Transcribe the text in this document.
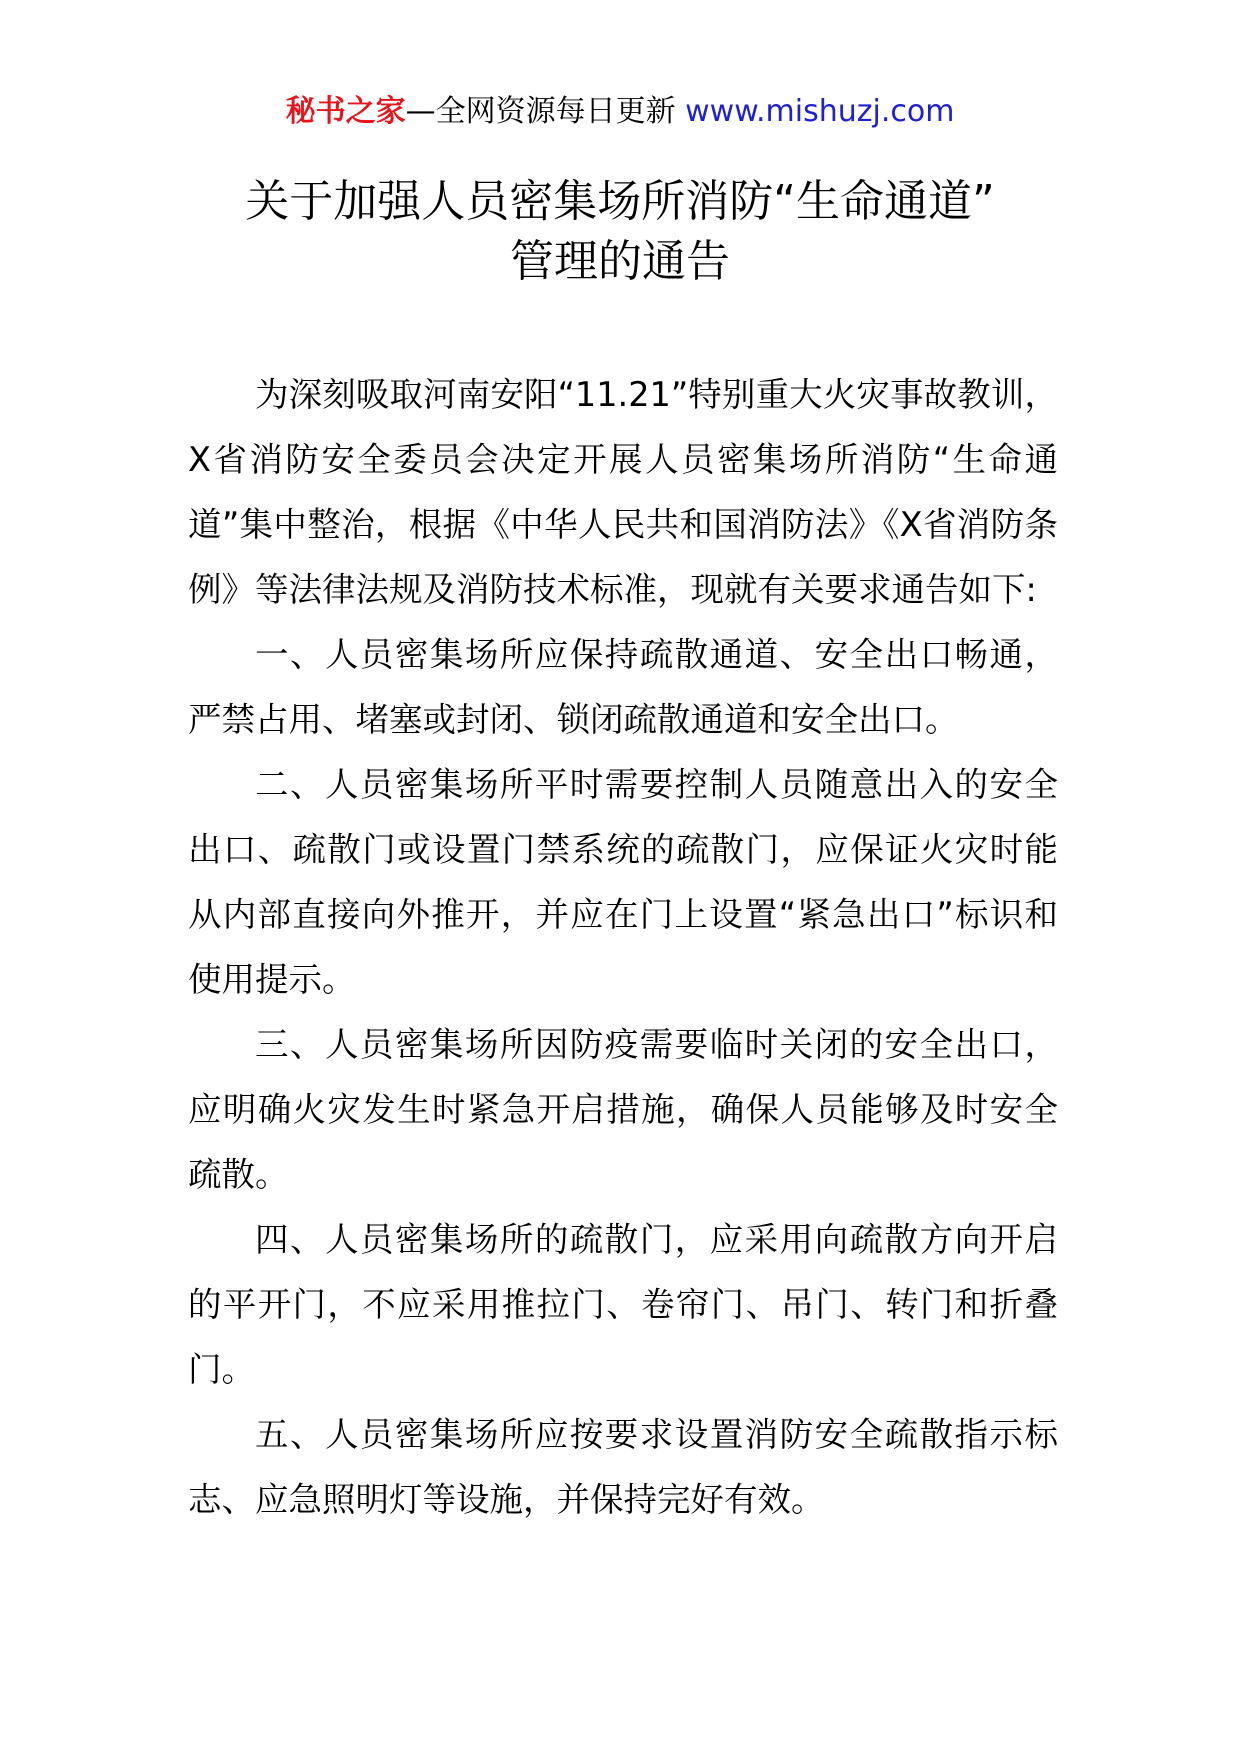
秘书之家—全网资源每日更新 www.mishuzj.com
关于加强人员密集场所消防“生命通道”
管理的通告

为深刻吸取河南安阳“11.21”特别重大火灾事故教训，X省消防安全委员会决定开展人员密集场所消防“生命通道”集中整治，根据《中华人民共和国消防法》《X省消防条例》等法律法规及消防技术标准，现就有关要求通告如下:

一、人员密集场所应保持疏散通道、安全出口畅通，严禁占用、堵塞或封闭、锁闭疏散通道和安全出口。

二、人员密集场所平时需要控制人员随意出入的安全出口、疏散门或设置门禁系统的疏散门，应保证火灾时能从内部直接向外推开，并应在门上设置“紧急出口”标识和使用提示。

三、人员密集场所因防疫需要临时关闭的安全出口，应明确火灾发生时紧急开启措施，确保人员能够及时安全疏散。

四、人员密集场所的疏散门，应采用向疏散方向开启的平开门，不应采用推拉门、卷帘门、吊门、转门和折叠门。

五、人员密集场所应按要求设置消防安全疏散指示标志、应急照明灯等设施，并保持完好有效。
